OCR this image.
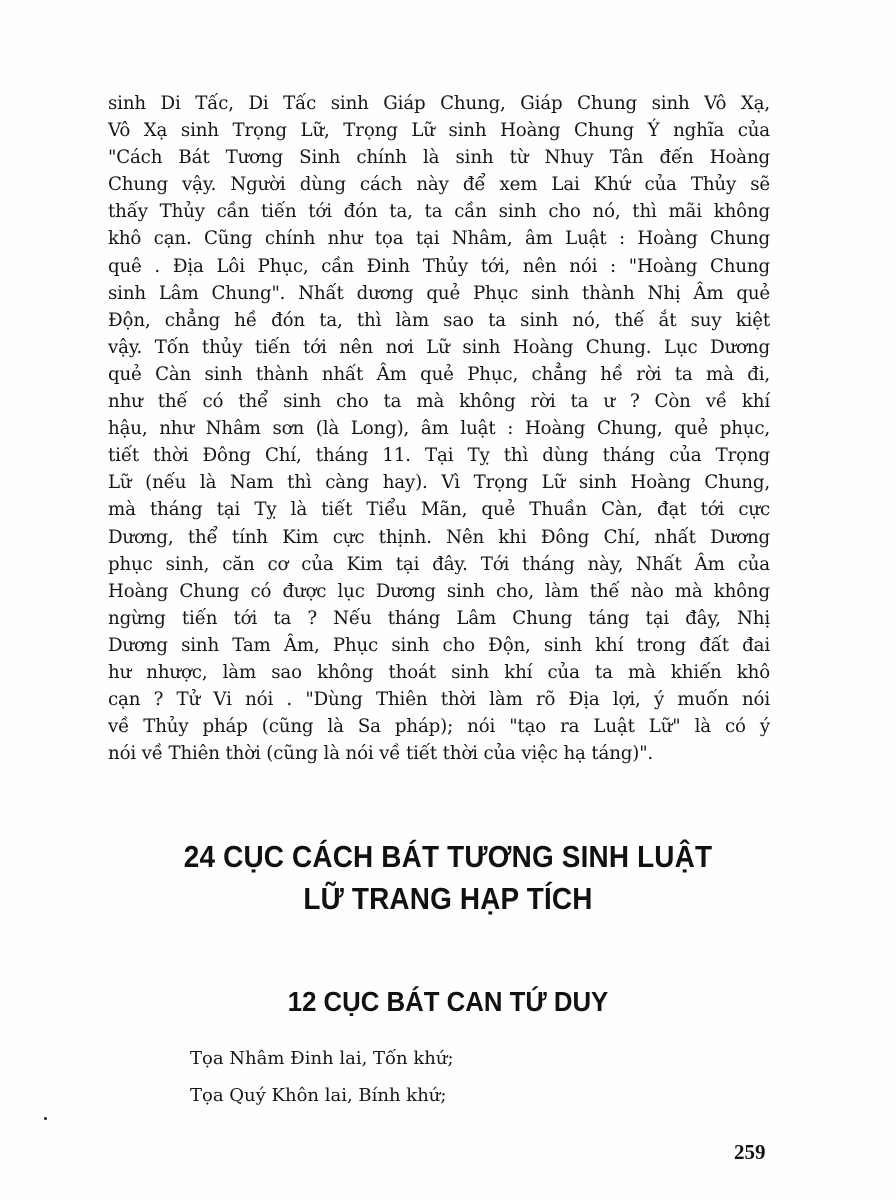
sinh Di Tấc, Di Tấc sinh Giáp Chung, Giáp Chung sinh Vô Xạ,
Vô Xạ sinh Trọng Lữ, Trọng Lữ sinh Hoàng Chung Ý nghĩa của
"Cách Bát Tương Sinh chính là sinh từ Nhuy Tân đến Hoàng
Chung vậy. Người dùng cách này để xem Lai Khứ của Thủy sẽ
thấy Thủy cần tiến tới đón ta, ta cần sinh cho nó, thì mãi không
khô cạn. Cũng chính như tọa tại Nhâm, âm Luật : Hoàng Chung
quê . Địa Lôi Phục, cần Đinh Thủy tới, nên nói : "Hoàng Chung
sinh Lâm Chung". Nhất dương quẻ Phục sinh thành Nhị Âm quẻ
Độn, chẳng hề đón ta, thì làm sao ta sinh nó, thế ắt suy kiệt
vậy. Tốn thủy tiến tới nên nơi Lữ sinh Hoàng Chung. Lục Dương
quẻ Càn sinh thành nhất Âm quẻ Phục, chẳng hề rời ta mà đi,
như thế có thể sinh cho ta mà không rời ta ư ? Còn về khí
hậu, như Nhâm sơn (là Long), âm luật : Hoàng Chung, quẻ phục,
tiết thời Đông Chí, tháng 11. Tại Tỵ thì dùng tháng của Trọng
Lữ (nếu là Nam thì càng hay). Vì Trọng Lữ sinh Hoàng Chung,
mà tháng tại Tỵ là tiết Tiểu Mãn, quẻ Thuần Càn, đạt tới cực
Dương, thể tính Kim cực thịnh. Nên khi Đông Chí, nhất Dương
phục sinh, căn cơ của Kim tại đây. Tới tháng này, Nhất Âm của
Hoàng Chung có được lục Dương sinh cho, làm thế nào mà không
ngừng tiến tới ta ? Nếu tháng Lâm Chung táng tại đây, Nhị
Dương sinh Tam Âm, Phục sinh cho Độn, sinh khí trong đất đai
hư nhược, làm sao không thoát sinh khí của ta mà khiến khô
cạn ? Tử Vi nói . "Dùng Thiên thời làm rõ Địa lợi, ý muốn nói
về Thủy pháp (cũng là Sa pháp); nói "tạo ra Luật Lữ" là có ý
nói về Thiên thời (cũng là nói về tiết thời của việc hạ táng)".
24 CỤC CÁCH BÁT TƯƠNG SINH LUẬT
LỮ TRANG HẠP TÍCH
12 CỤC BÁT CAN TỨ DUY
Tọa Nhâm Đinh lai, Tốn khứ;
Tọa Quý Khôn lai, Bính khứ;
259
